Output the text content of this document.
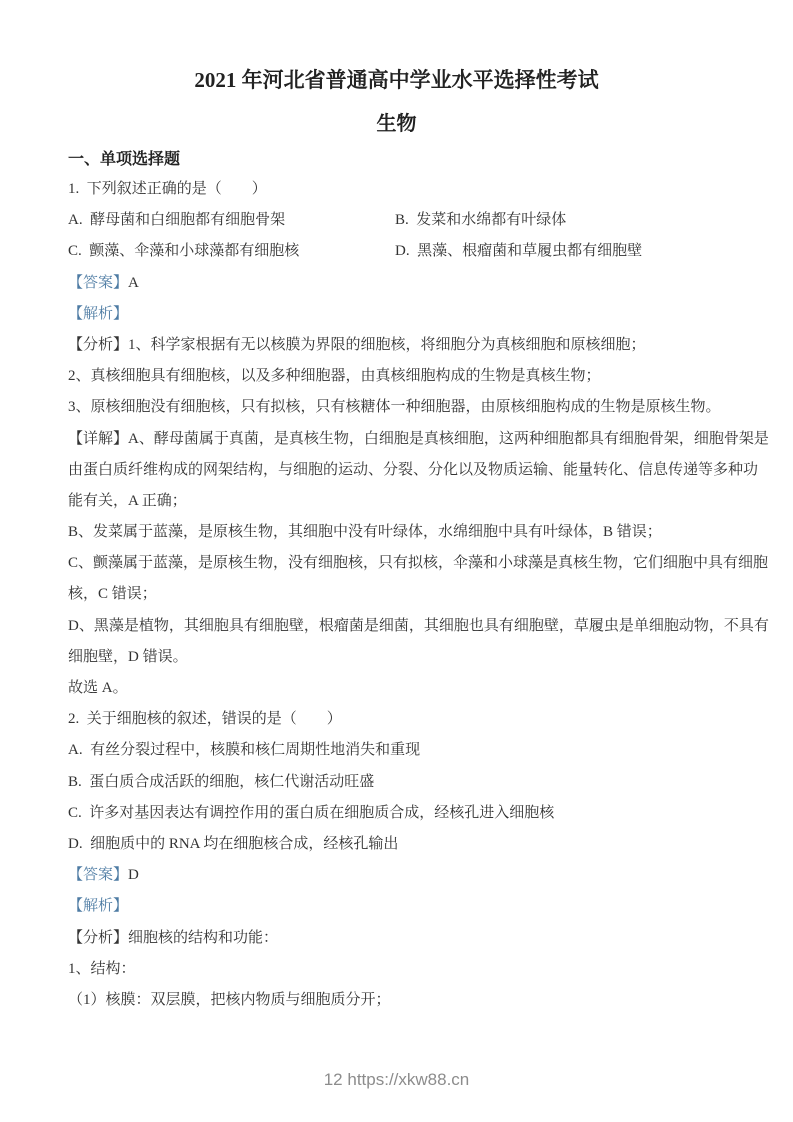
2021 年河北省普通高中学业水平选择性考试
生物
一、单项选择题
1.  下列叙述正确的是（　　）
A.  酵母菌和白细胞都有细胞骨架	B.  发菜和水绵都有叶绿体
C.  颤藻、伞藻和小球藻都有细胞核	D.  黑藻、根瘤菌和草履虫都有细胞壁
【答案】A
【解析】
【分析】1、科学家根据有无以核膜为界限的细胞核，将细胞分为真核细胞和原核细胞；
2、真核细胞具有细胞核，以及多种细胞器，由真核细胞构成的生物是真核生物；
3、原核细胞没有细胞核，只有拟核，只有核糖体一种细胞器，由原核细胞构成的生物是原核生物。
【详解】A、酵母菌属于真菌，是真核生物，白细胞是真核细胞，这两种细胞都具有细胞骨架，细胞骨架是
由蛋白质纤维构成的网架结构，与细胞的运动、分裂、分化以及物质运输、能量转化、信息传递等多种功
能有关，A 正确；
B、发菜属于蓝藻，是原核生物，其细胞中没有叶绿体，水绵细胞中具有叶绿体，B 错误；
C、颤藻属于蓝藻，是原核生物，没有细胞核，只有拟核，伞藻和小球藻是真核生物，它们细胞中具有细胞
核，C 错误；
D、黑藻是植物，其细胞具有细胞壁，根瘤菌是细菌，其细胞也具有细胞壁，草履虫是单细胞动物，不具有
细胞壁，D 错误。
故选 A。
2.  关于细胞核的叙述，错误的是（　　）
A.  有丝分裂过程中，核膜和核仁周期性地消失和重现
B.  蛋白质合成活跃的细胞，核仁代谢活动旺盛
C.  许多对基因表达有调控作用的蛋白质在细胞质合成，经核孔进入细胞核
D.  细胞质中的 RNA 均在细胞核合成，经核孔输出
【答案】D
【解析】
【分析】细胞核的结构和功能：
1、结构：
（1）核膜：双层膜，把核内物质与细胞质分开；
12 https://xkw88.cn
